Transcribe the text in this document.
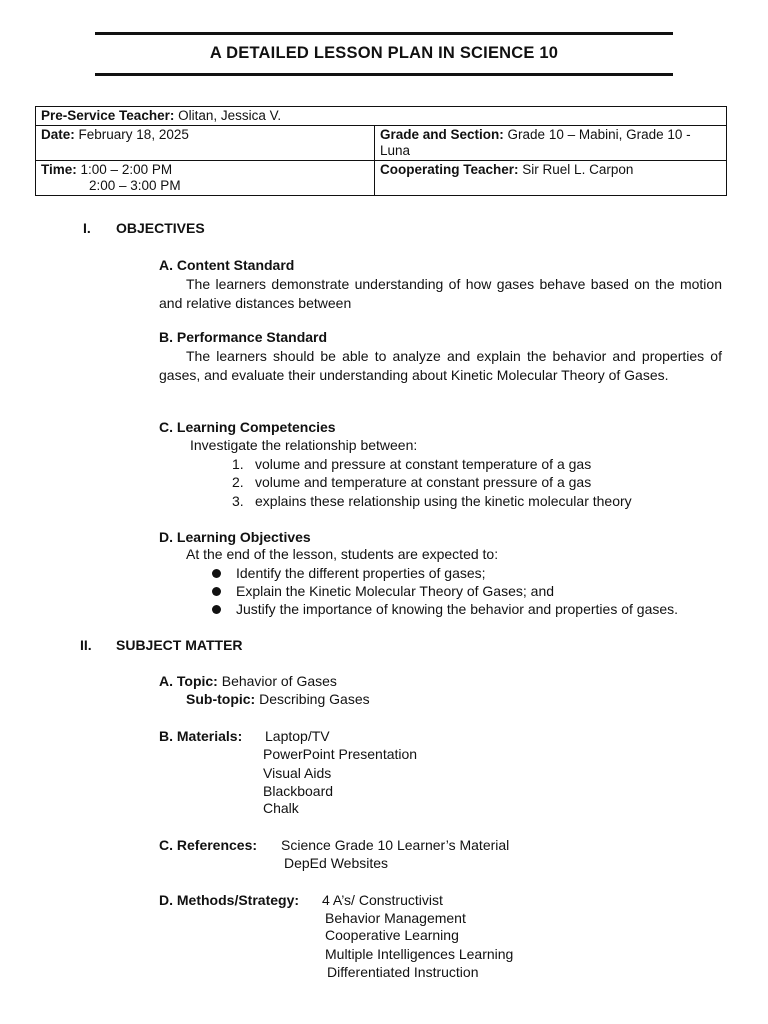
A DETAILED LESSON PLAN IN SCIENCE 10
Pre-Service Teacher: Olitan, Jessica V.	
Date: February 18, 2025	Grade and Section: Grade 10 – Mabini, Grade 10 - Luna
Time: 1:00 – 2:00 PM
2:00 – 3:00 PM	Cooperating Teacher: Sir Ruel L. Carpon
I. OBJECTIVES
A. Content Standard
The learners demonstrate understanding of how gases behave based on the motion and relative distances between
B. Performance Standard
The learners should be able to analyze and explain the behavior and properties of gases, and evaluate their understanding about Kinetic Molecular Theory of Gases.
C. Learning Competencies
Investigate the relationship between:
1. volume and pressure at constant temperature of a gas
2. volume and temperature at constant pressure of a gas
3. explains these relationship using the kinetic molecular theory
D. Learning Objectives
At the end of the lesson, students are expected to:
Identify the different properties of gases;
Explain the Kinetic Molecular Theory of Gases; and
Justify the importance of knowing the behavior and properties of gases.
II. SUBJECT MATTER
A. Topic: Behavior of Gases
Sub-topic: Describing Gases
B. Materials: Laptop/TV
PowerPoint Presentation
Visual Aids
Blackboard
Chalk
C. References: Science Grade 10 Learner’s Material
DepEd Websites
D. Methods/Strategy: 4 A’s/ Constructivist
Behavior Management
Cooperative Learning
Multiple Intelligences Learning
Differentiated Instruction
